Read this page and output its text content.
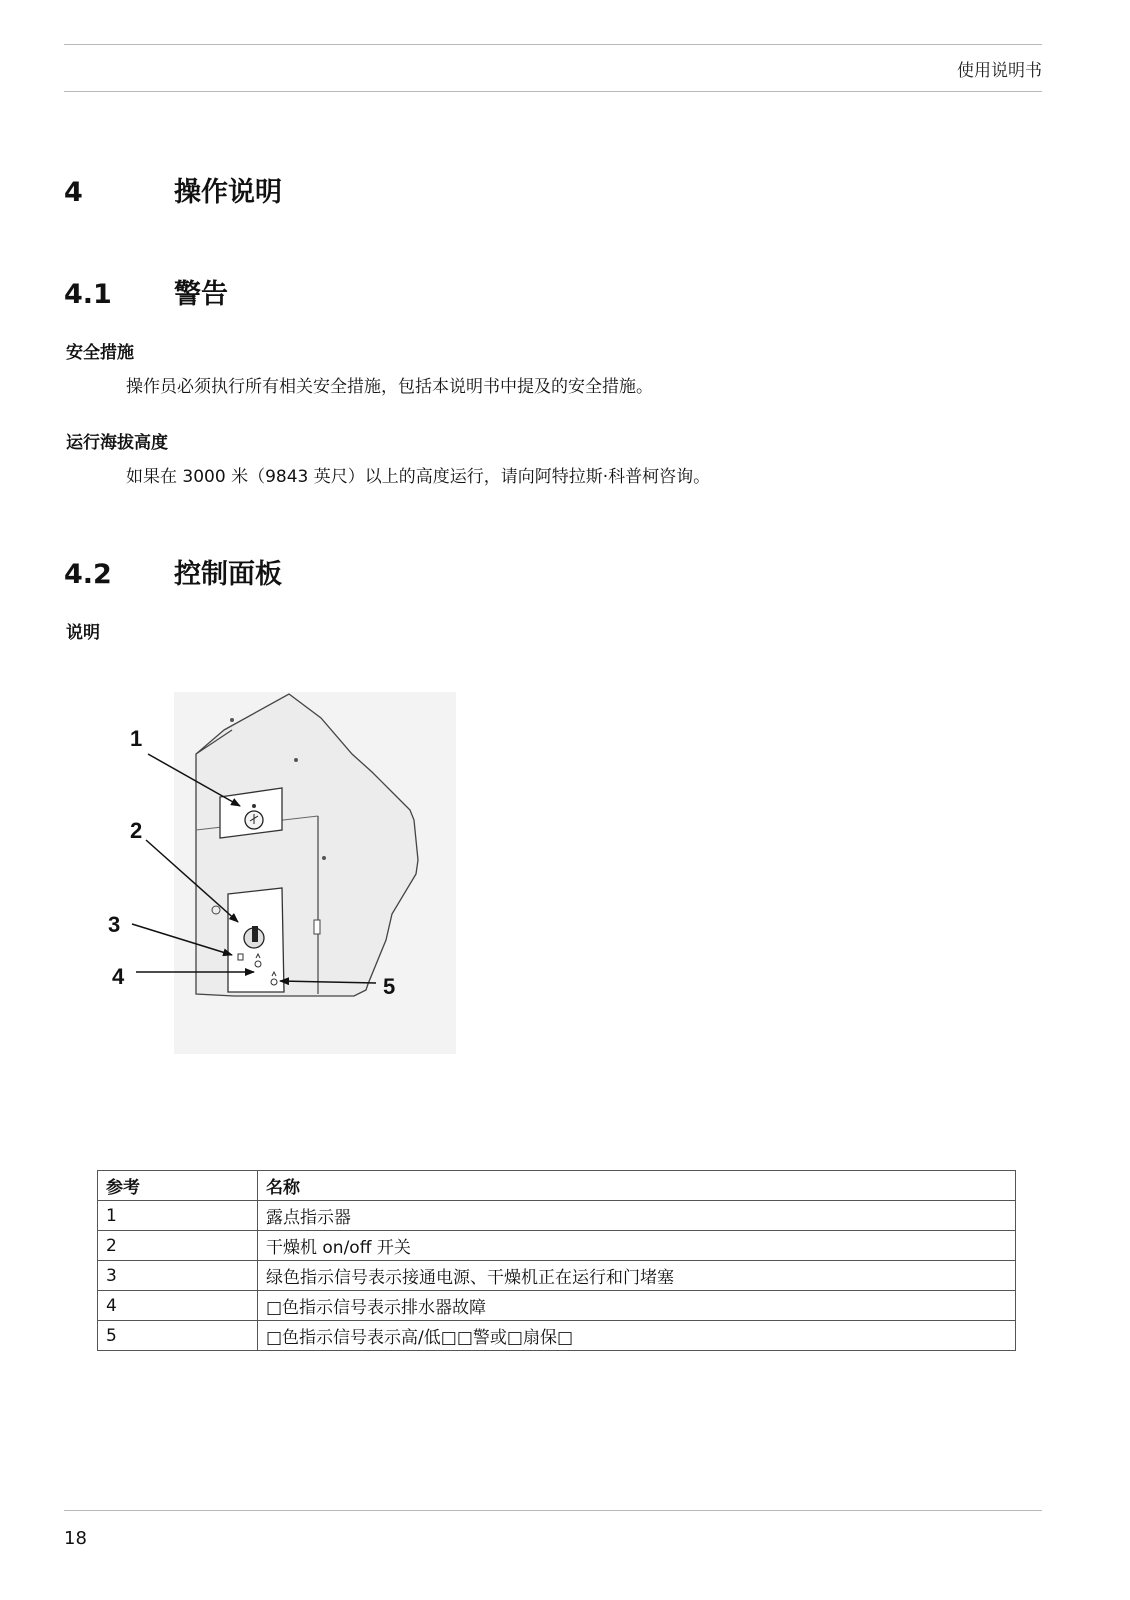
使用说明书
4	操作说明
4.1 警告
安全措施
操作员必须执行所有相关安全措施，包括本说明书中提及的安全措施。
运行海拔高度
如果在 3000 米（9843 英尺）以上的高度运行，请向阿特拉斯·科普柯咨询。
4.2 控制面板
说明
1
2
3
4	5
参考	名称
1	露点指示器
2	干燥机 on/off 开关
3	绿色指示信号表示接通电源、干燥机正在运行和门堵塞
4	□色指示信号表示排水器故障
5	□色指示信号表示高/低□□警或□扇保□
18
